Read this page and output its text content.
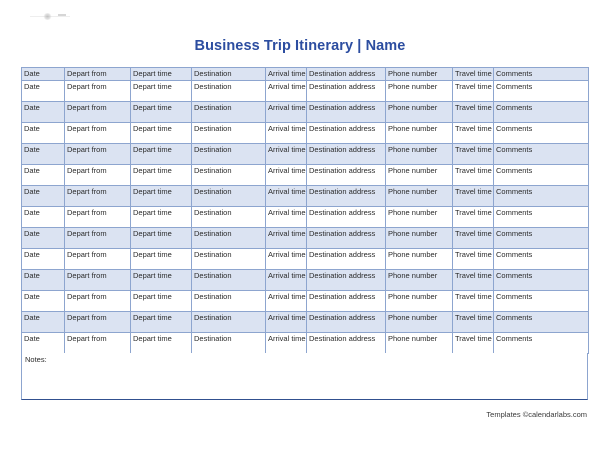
Business Trip Itinerary | Name
Date	Depart from	Depart time	Destination	Arrival time	Destination address	Phone number	Travel time	Comments
Date	Depart from	Depart time	Destination	Arrival time	Destination address	Phone number	Travel time	Comments
Date	Depart from	Depart time	Destination	Arrival time	Destination address	Phone number	Travel time	Comments
Date	Depart from	Depart time	Destination	Arrival time	Destination address	Phone number	Travel time	Comments
Date	Depart from	Depart time	Destination	Arrival time	Destination address	Phone number	Travel time	Comments
Date	Depart from	Depart time	Destination	Arrival time	Destination address	Phone number	Travel time	Comments
Date	Depart from	Depart time	Destination	Arrival time	Destination address	Phone number	Travel time	Comments
Date	Depart from	Depart time	Destination	Arrival time	Destination address	Phone number	Travel time	Comments
Date	Depart from	Depart time	Destination	Arrival time	Destination address	Phone number	Travel time	Comments
Date	Depart from	Depart time	Destination	Arrival time	Destination address	Phone number	Travel time	Comments
Date	Depart from	Depart time	Destination	Arrival time	Destination address	Phone number	Travel time	Comments
Date	Depart from	Depart time	Destination	Arrival time	Destination address	Phone number	Travel time	Comments
Date	Depart from	Depart time	Destination	Arrival time	Destination address	Phone number	Travel time	Comments
Date	Depart from	Depart time	Destination	Arrival time	Destination address	Phone number	Travel time	Comments
Notes:
Templates ©calendarlabs.com
